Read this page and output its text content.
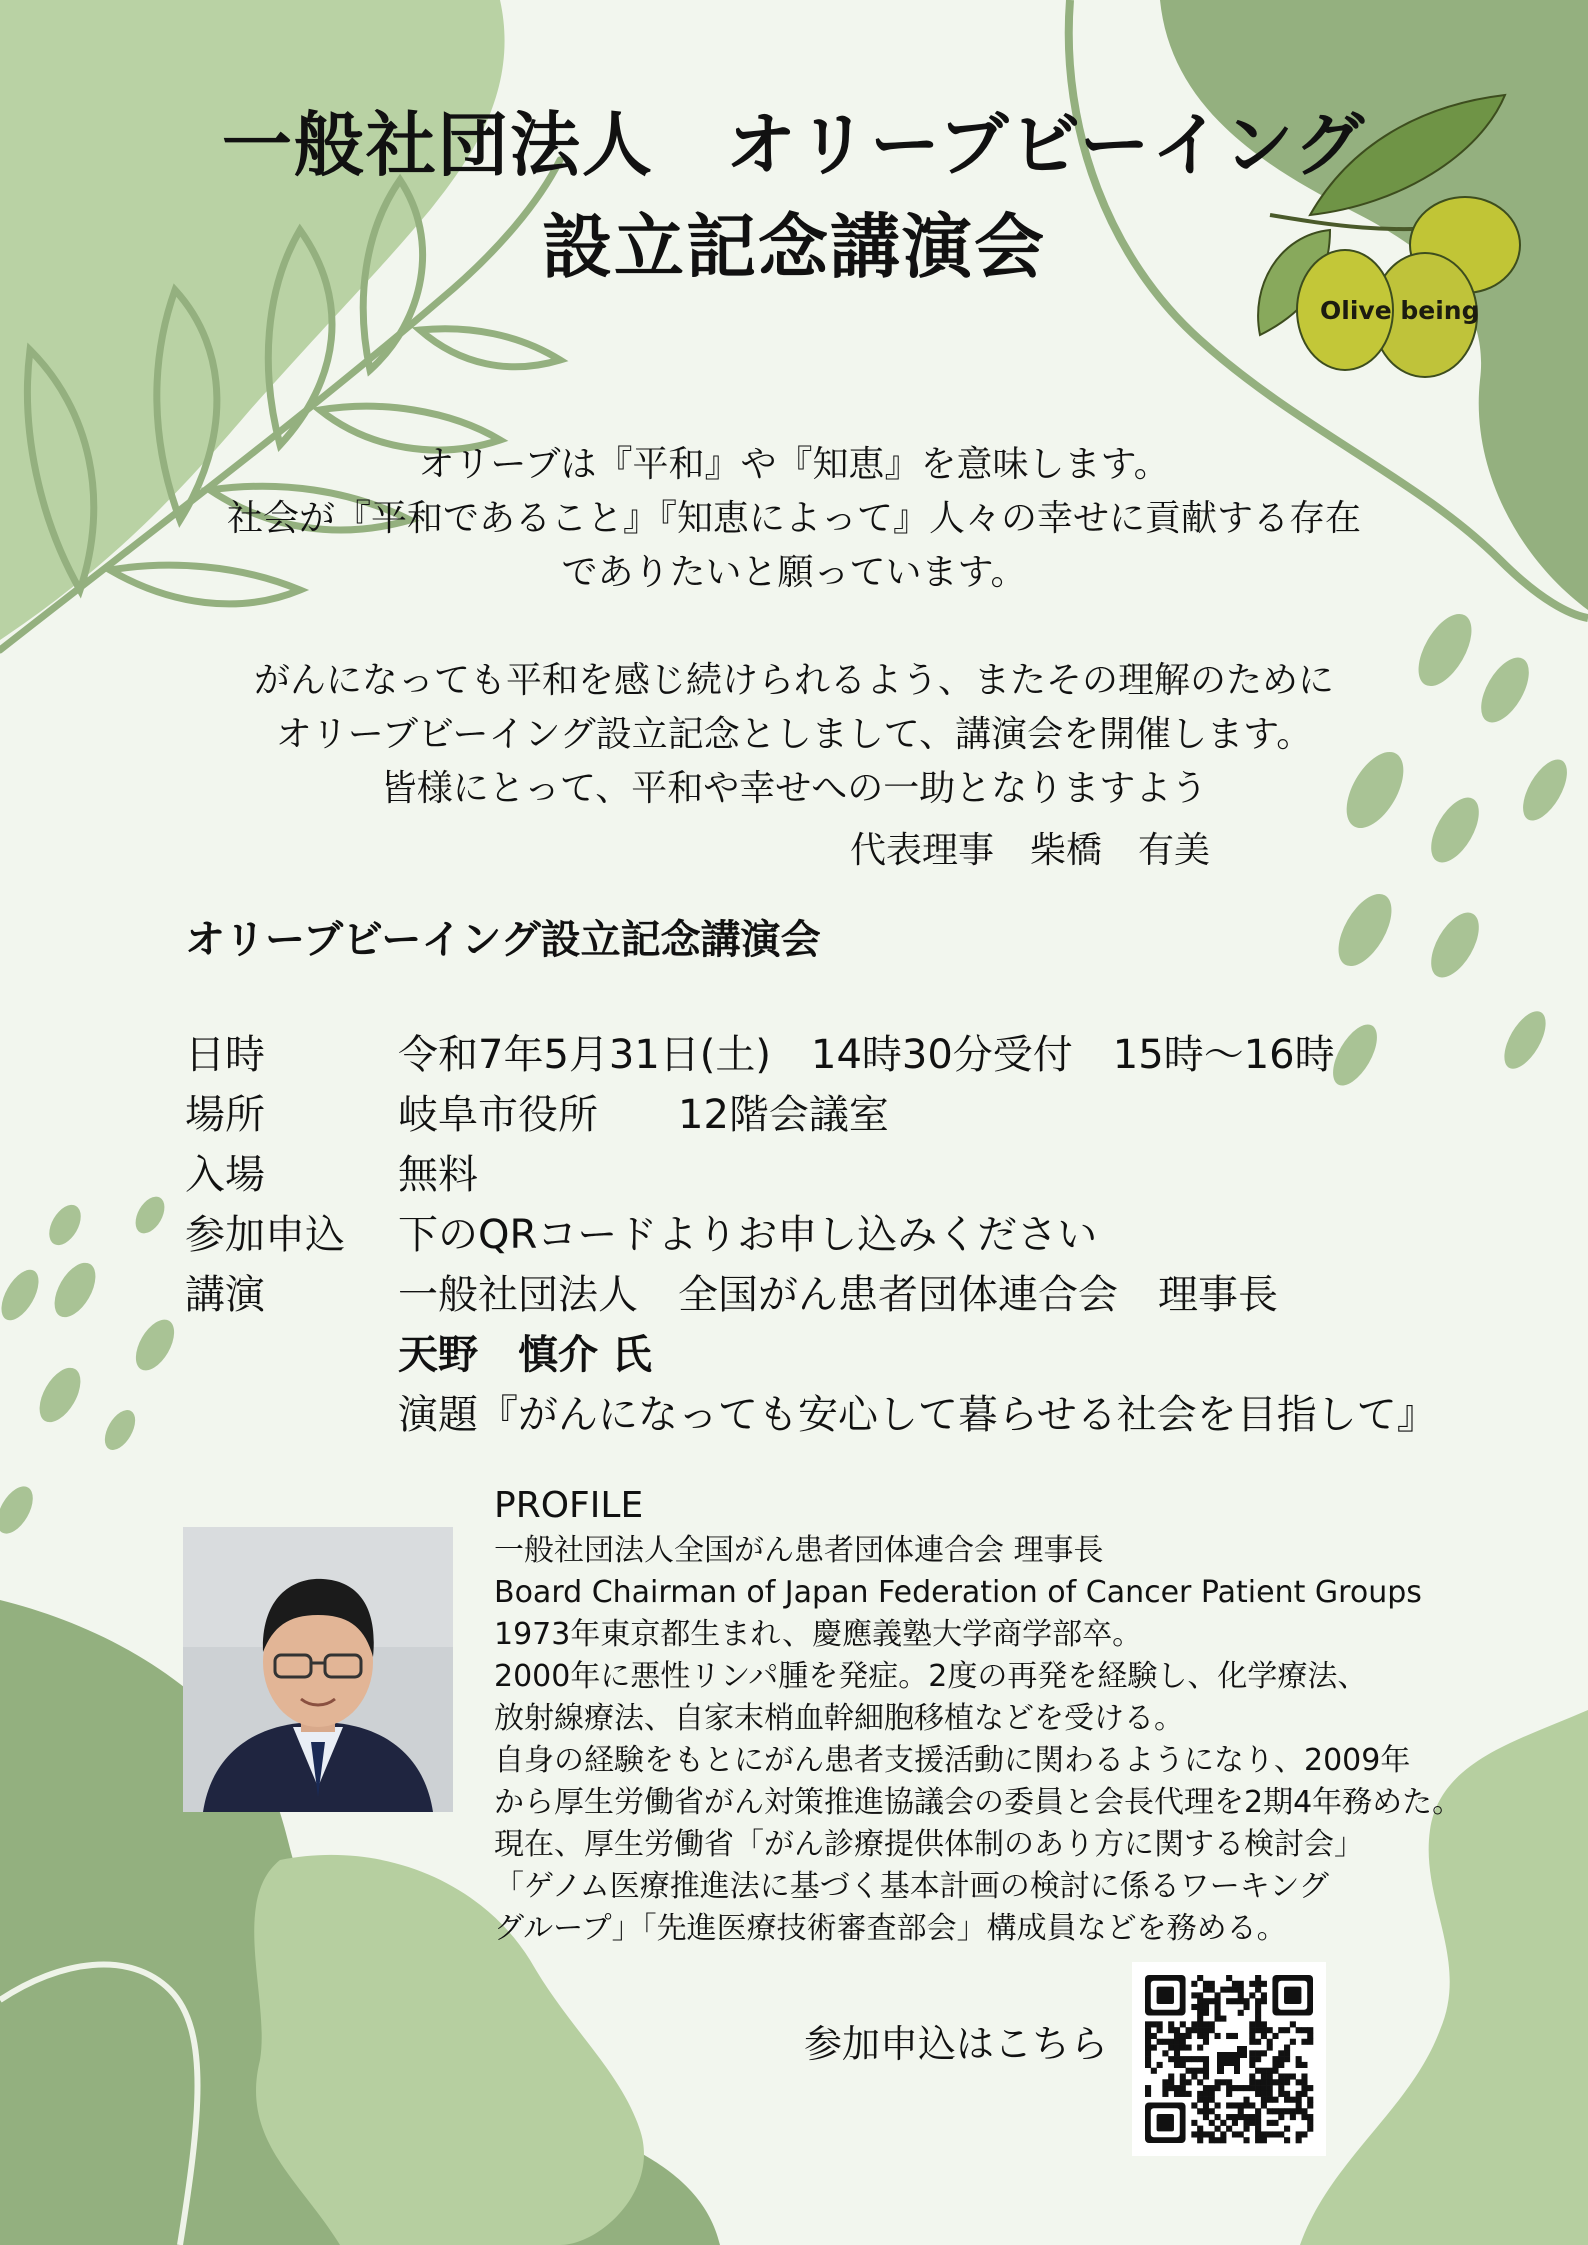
Olive being
一般社団法人　オリーブビーイング
設立記念講演会
オリーブは『平和』や『知恵』を意味します。
社会が『平和であること』『知恵によって』人々の幸せに貢献する存在
でありたいと願っています。
がんになっても平和を感じ続けられるよう、またその理解のために
オリーブビーイング設立記念としまして、講演会を開催します。
皆様にとって、平和や幸せへの一助となりますよう
代表理事　柴橋　有美
オリーブビーイング設立記念講演会
日時	令和7年5月31日(土)　14時30分受付　15時～16時
場所	岐阜市役所　　12階会議室
入場	無料
参加申込	下のQRコードよりお申し込みください
講演	一般社団法人　全国がん患者団体連合会　理事長
天野　慎介 氏
演題『がんになっても安心して暮らせる社会を目指して』
PROFILE
一般社団法人全国がん患者団体連合会 理事長
Board Chairman of Japan Federation of Cancer Patient Groups
1973年東京都生まれ、慶應義塾大学商学部卒。
2000年に悪性リンパ腫を発症。2度の再発を経験し、化学療法、
放射線療法、自家末梢血幹細胞移植などを受ける。
自身の経験をもとにがん患者支援活動に関わるようになり、2009年
から厚生労働省がん対策推進協議会の委員と会長代理を2期4年務めた。
現在、厚生労働省「がん診療提供体制のあり方に関する検討会」
「ゲノム医療推進法に基づく基本計画の検討に係るワーキング
グループ」「先進医療技術審査部会」構成員などを務める。
参加申込はこちら
